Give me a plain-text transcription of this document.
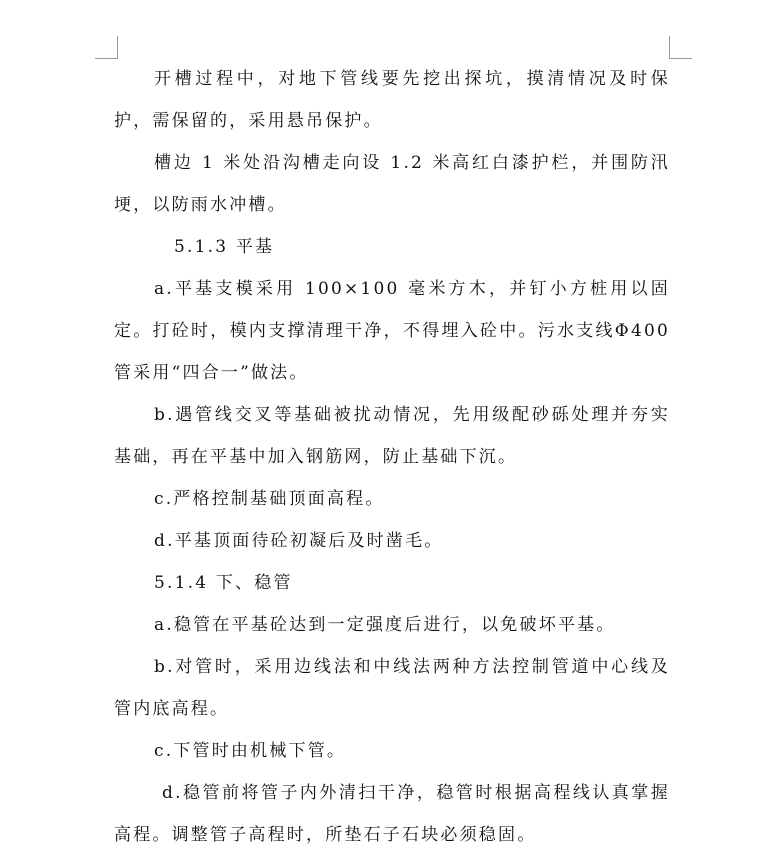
开槽过程中，对地下管线要先挖出探坑，摸清情况及时保护，需保留的，采用悬吊保护。

槽边 1 米处沿沟槽走向设 1.2 米高红白漆护栏，并围防汛埂，以防雨水冲槽。

5.1.3 平基

a.平基支模采用 100×100 毫米方木，并钉小方桩用以固定。打砼时，模内支撑清理干净，不得埋入砼中。污水支线Φ400 管采用“四合一”做法。

b.遇管线交叉等基础被扰动情况，先用级配砂砾处理并夯实基础，再在平基中加入钢筋网，防止基础下沉。

c.严格控制基础顶面高程。

d.平基顶面待砼初凝后及时凿毛。

5.1.4 下、稳管

a.稳管在平基砼达到一定强度后进行，以免破坏平基。

b.对管时，采用边线法和中线法两种方法控制管道中心线及管内底高程。

c.下管时由机械下管。

d.稳管前将管子内外清扫干净，稳管时根据高程线认真掌握高程。调整管子高程时，所垫石子石块必须稳固。
